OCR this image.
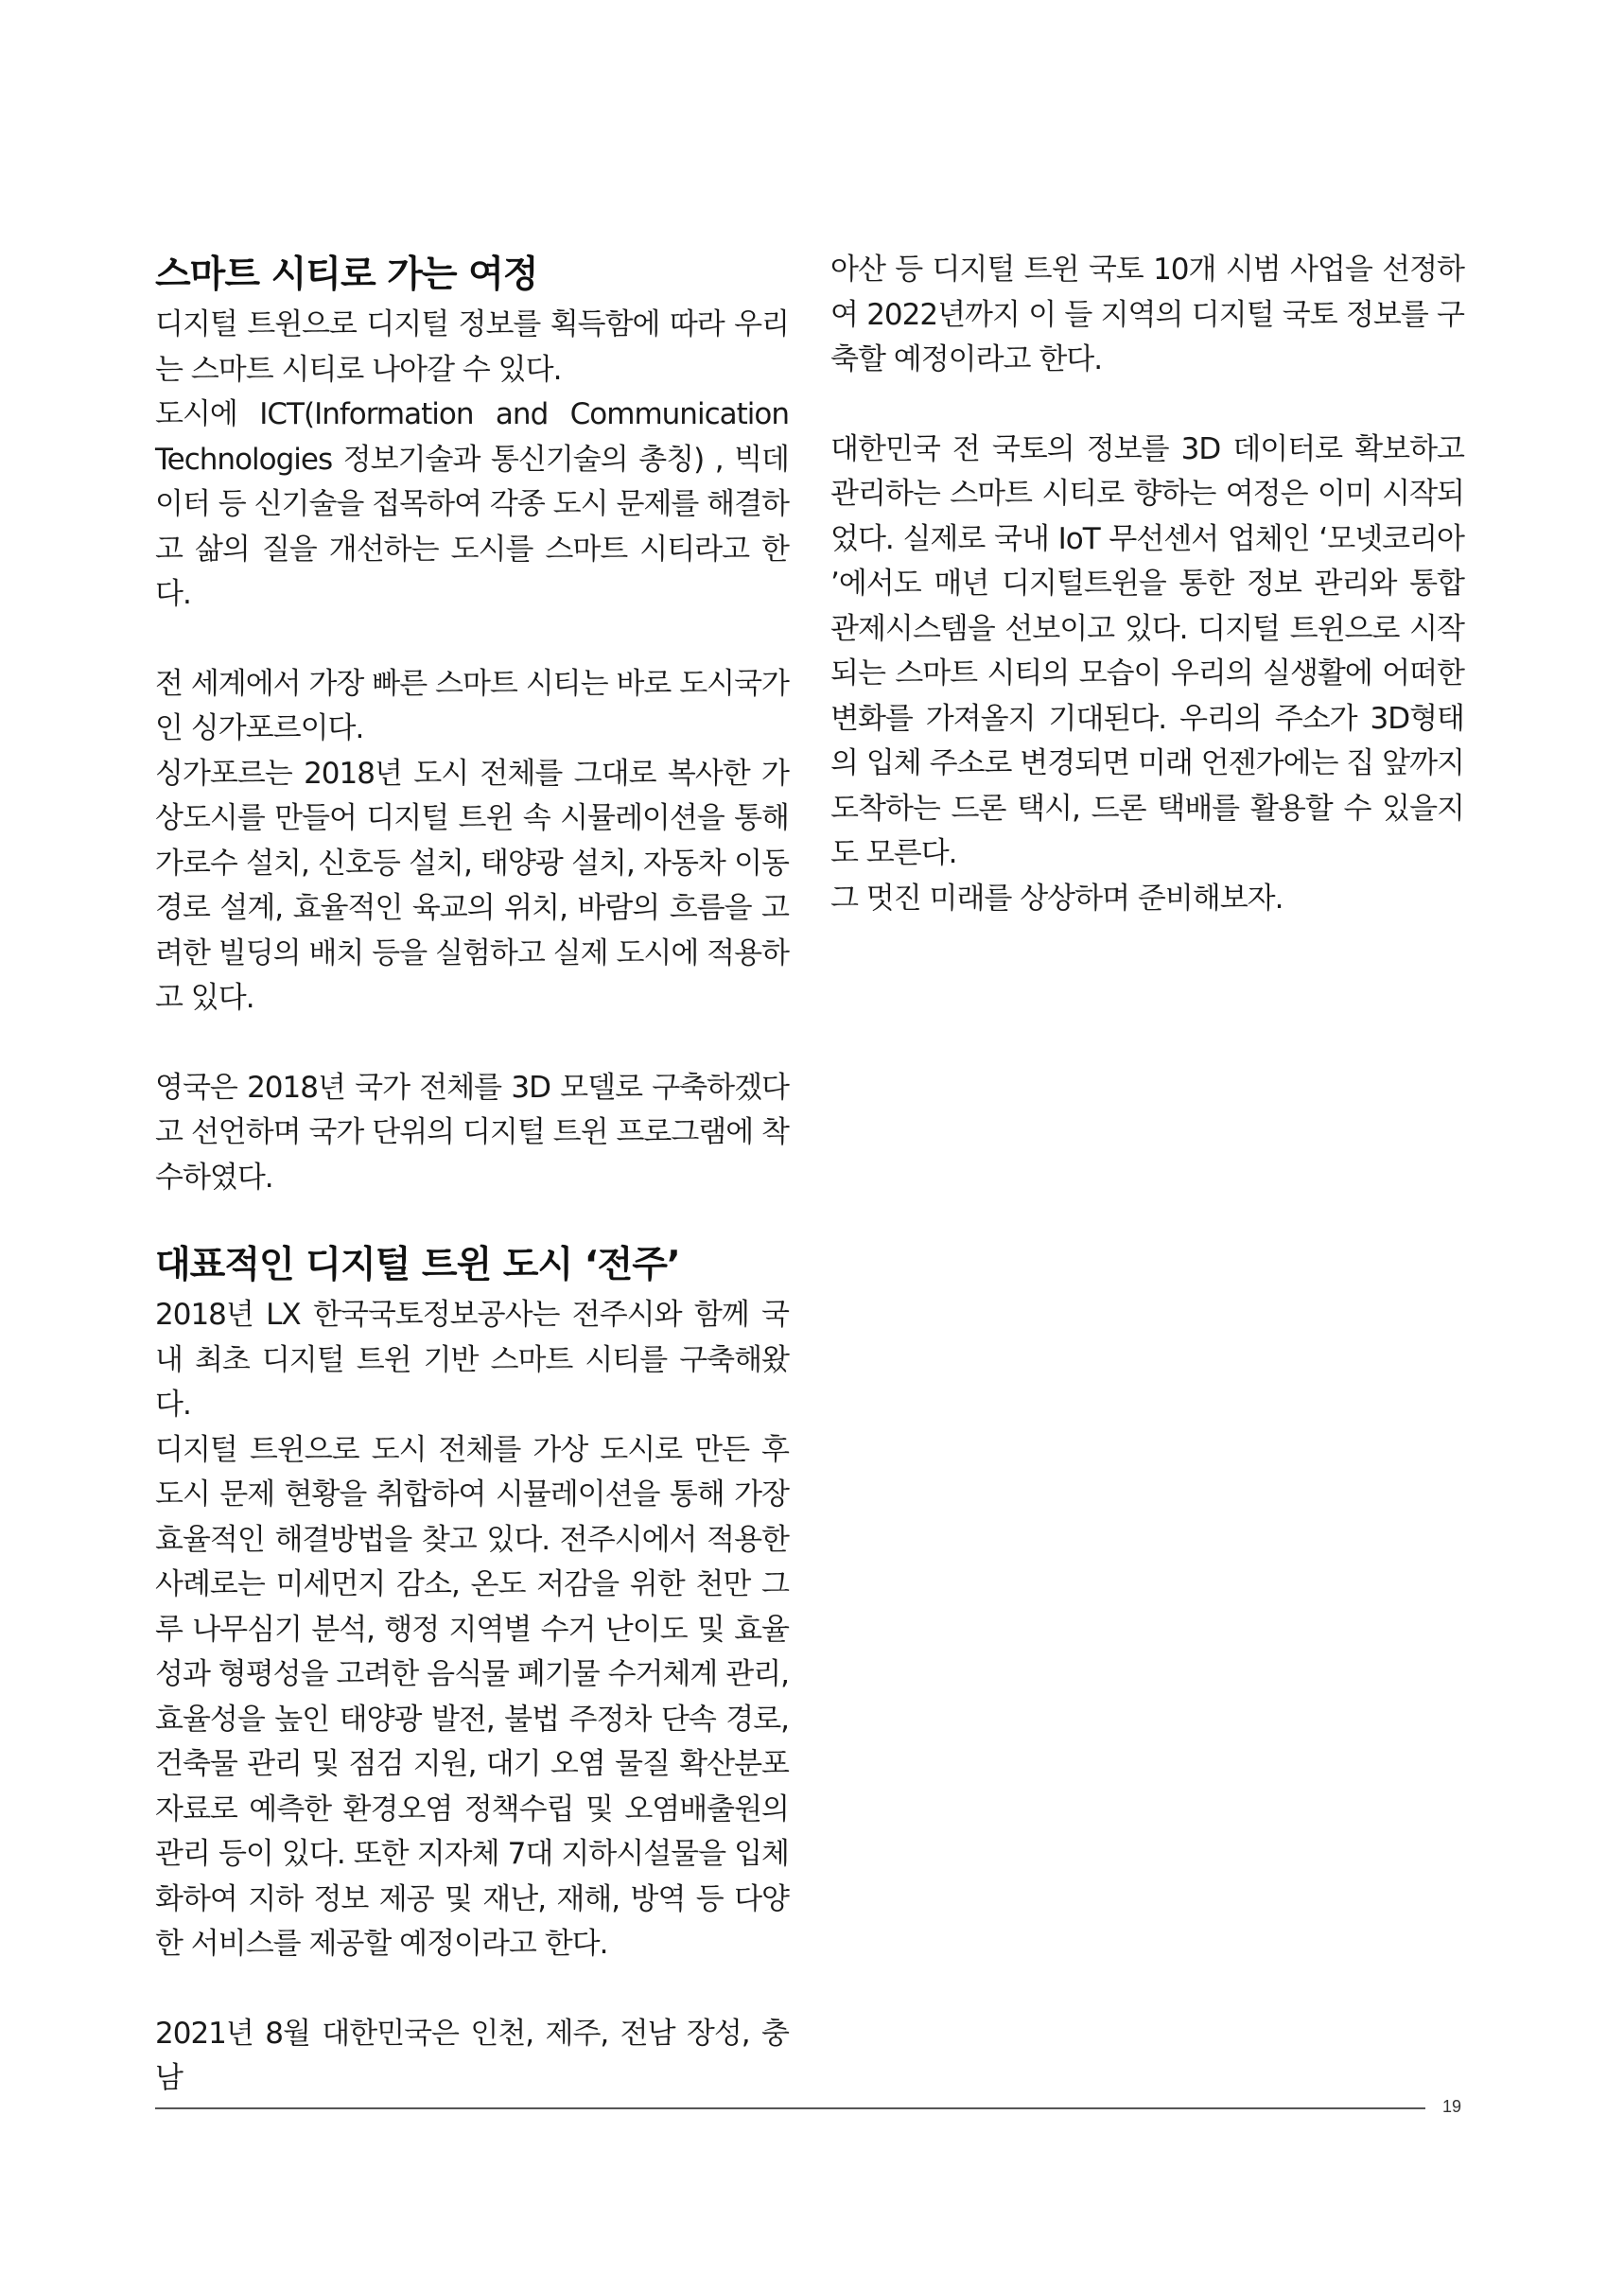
스마트 시티로 가는 여정

디지털 트윈으로 디지털 정보를 획득함에 따라 우리는 스마트 시티로 나아갈 수 있다.

도시에 ICT(Information and Communication Technologies 정보기술과 통신기술의 총칭) , 빅데이터 등 신기술을 접목하여 각종 도시 문제를 해결하고 삶의 질을 개선하는 도시를 스마트 시티라고 한다.

전 세계에서 가장 빠른 스마트 시티는 바로 도시국가인 싱가포르이다.

싱가포르는 2018년 도시 전체를 그대로 복사한 가상도시를 만들어 디지털 트윈 속 시뮬레이션을 통해 가로수 설치, 신호등 설치, 태양광 설치, 자동차 이동경로 설계, 효율적인 육교의 위치, 바람의 흐름을 고려한 빌딩의 배치 등을 실험하고 실제 도시에 적용하고 있다.

영국은 2018년 국가 전체를 3D 모델로 구축하겠다고 선언하며 국가 단위의 디지털 트윈 프로그램에 착수하였다.

대표적인 디지털 트윈 도시 ‘전주’

2018년 LX 한국국토정보공사는 전주시와 함께 국내 최초 디지털 트윈 기반 스마트 시티를 구축해왔다.

디지털 트윈으로 도시 전체를 가상 도시로 만든 후 도시 문제 현황을 취합하여 시뮬레이션을 통해 가장 효율적인 해결방법을 찾고 있다. 전주시에서 적용한 사례로는 미세먼지 감소, 온도 저감을 위한 천만 그루 나무심기 분석, 행정 지역별 수거 난이도 및 효율성과 형평성을 고려한 음식물 폐기물 수거체계 관리, 효율성을 높인 태양광 발전, 불법 주정차 단속 경로, 건축물 관리 및 점검 지원, 대기 오염 물질 확산분포자료로 예측한 환경오염 정책수립 및 오염배출원의 관리 등이 있다. 또한 지자체 7대 지하시설물을 입체화하여 지하 정보 제공 및 재난, 재해, 방역 등 다양한 서비스를 제공할 예정이라고 한다.

2021년 8월 대한민국은 인천, 제주, 전남 장성, 충남

아산 등 디지털 트윈 국토 10개 시범 사업을 선정하여 2022년까지 이 들 지역의 디지털 국토 정보를 구축할 예정이라고 한다.

대한민국 전 국토의 정보를 3D 데이터로 확보하고 관리하는 스마트 시티로 향하는 여정은 이미 시작되었다. 실제로 국내 IoT 무선센서 업체인 ‘모넷코리아 ’에서도 매년 디지털트윈을 통한 정보 관리와 통합 관제시스템을 선보이고 있다. 디지털 트윈으로 시작되는 스마트 시티의 모습이 우리의 실생활에 어떠한 변화를 가져올지 기대된다. 우리의 주소가 3D형태의 입체 주소로 변경되면 미래 언젠가에는 집 앞까지 도착하는 드론 택시, 드론 택배를 활용할 수 있을지도 모른다.

그 멋진 미래를 상상하며 준비해보자.

19
